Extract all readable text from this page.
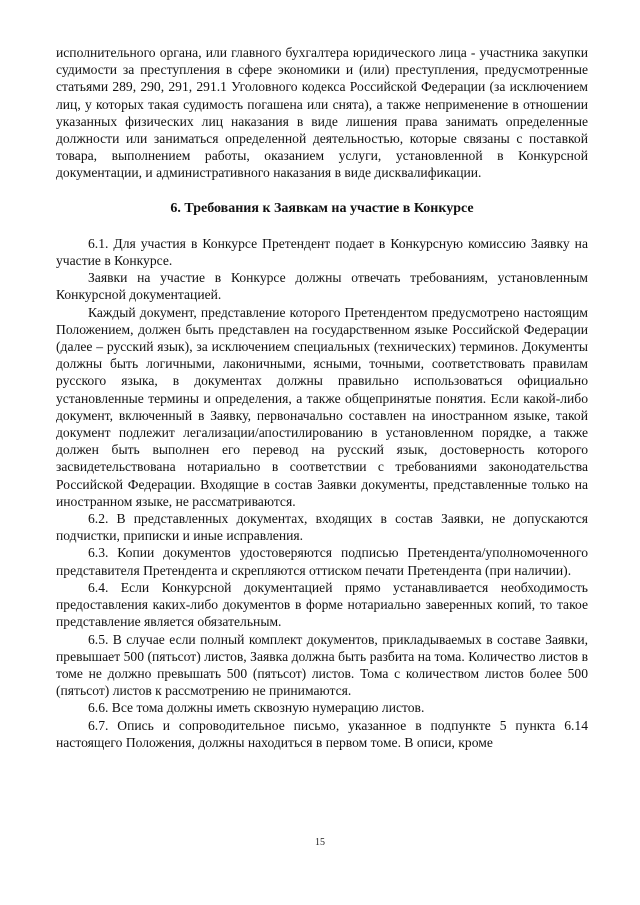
исполнительного органа, или главного бухгалтера юридического лица - участника закупки судимости за преступления в сфере экономики и (или) преступления, предусмотренные статьями 289, 290, 291, 291.1 Уголовного кодекса Российской Федерации (за исключением лиц, у которых такая судимость погашена или снята), а также неприменение в отношении указанных физических лиц наказания в виде лишения права занимать определенные должности или заниматься определенной деятельностью, которые связаны с поставкой товара, выполнением работы, оказанием услуги, установленной в Конкурсной документации, и административного наказания в виде дисквалификации.

6. Требования к Заявкам на участие в Конкурсе

6.1. Для участия в Конкурсе Претендент подает в Конкурсную комиссию Заявку на участие в Конкурсе.

Заявки на участие в Конкурсе должны отвечать требованиям, установленным Конкурсной документацией.

Каждый документ, представление которого Претендентом предусмотрено настоящим Положением, должен быть представлен на государственном языке Российской Федерации (далее – русский язык), за исключением специальных (технических) терминов. Документы должны быть логичными, лаконичными, ясными, точными, соответствовать правилам русского языка, в документах должны правильно использоваться официально установленные термины и определения, а также общепринятые понятия. Если какой-либо документ, включенный в Заявку, первоначально составлен на иностранном языке, такой документ подлежит легализации/апостилированию в установленном порядке, а также должен быть выполнен его перевод на русский язык, достоверность которого засвидетельствована нотариально в соответствии с требованиями законодательства Российской Федерации. Входящие в состав Заявки документы, представленные только на иностранном языке, не рассматриваются.

6.2. В представленных документах, входящих в состав Заявки, не допускаются подчистки, приписки и иные исправления.

6.3. Копии документов удостоверяются подписью Претендента/уполномоченного представителя Претендента и скрепляются оттиском печати Претендента (при наличии).

6.4. Если Конкурсной документацией прямо устанавливается необходимость предоставления каких-либо документов в форме нотариально заверенных копий, то такое представление является обязательным.

6.5. В случае если полный комплект документов, прикладываемых в составе Заявки, превышает 500 (пятьсот) листов, Заявка должна быть разбита на тома. Количество листов в томе не должно превышать 500 (пятьсот) листов. Тома с количеством листов более 500 (пятьсот) листов к рассмотрению не принимаются.

6.6. Все тома должны иметь сквозную нумерацию листов.

6.7. Опись и сопроводительное письмо, указанное в подпункте 5 пункта 6.14 настоящего Положения, должны находиться в первом томе. В описи, кроме

15
